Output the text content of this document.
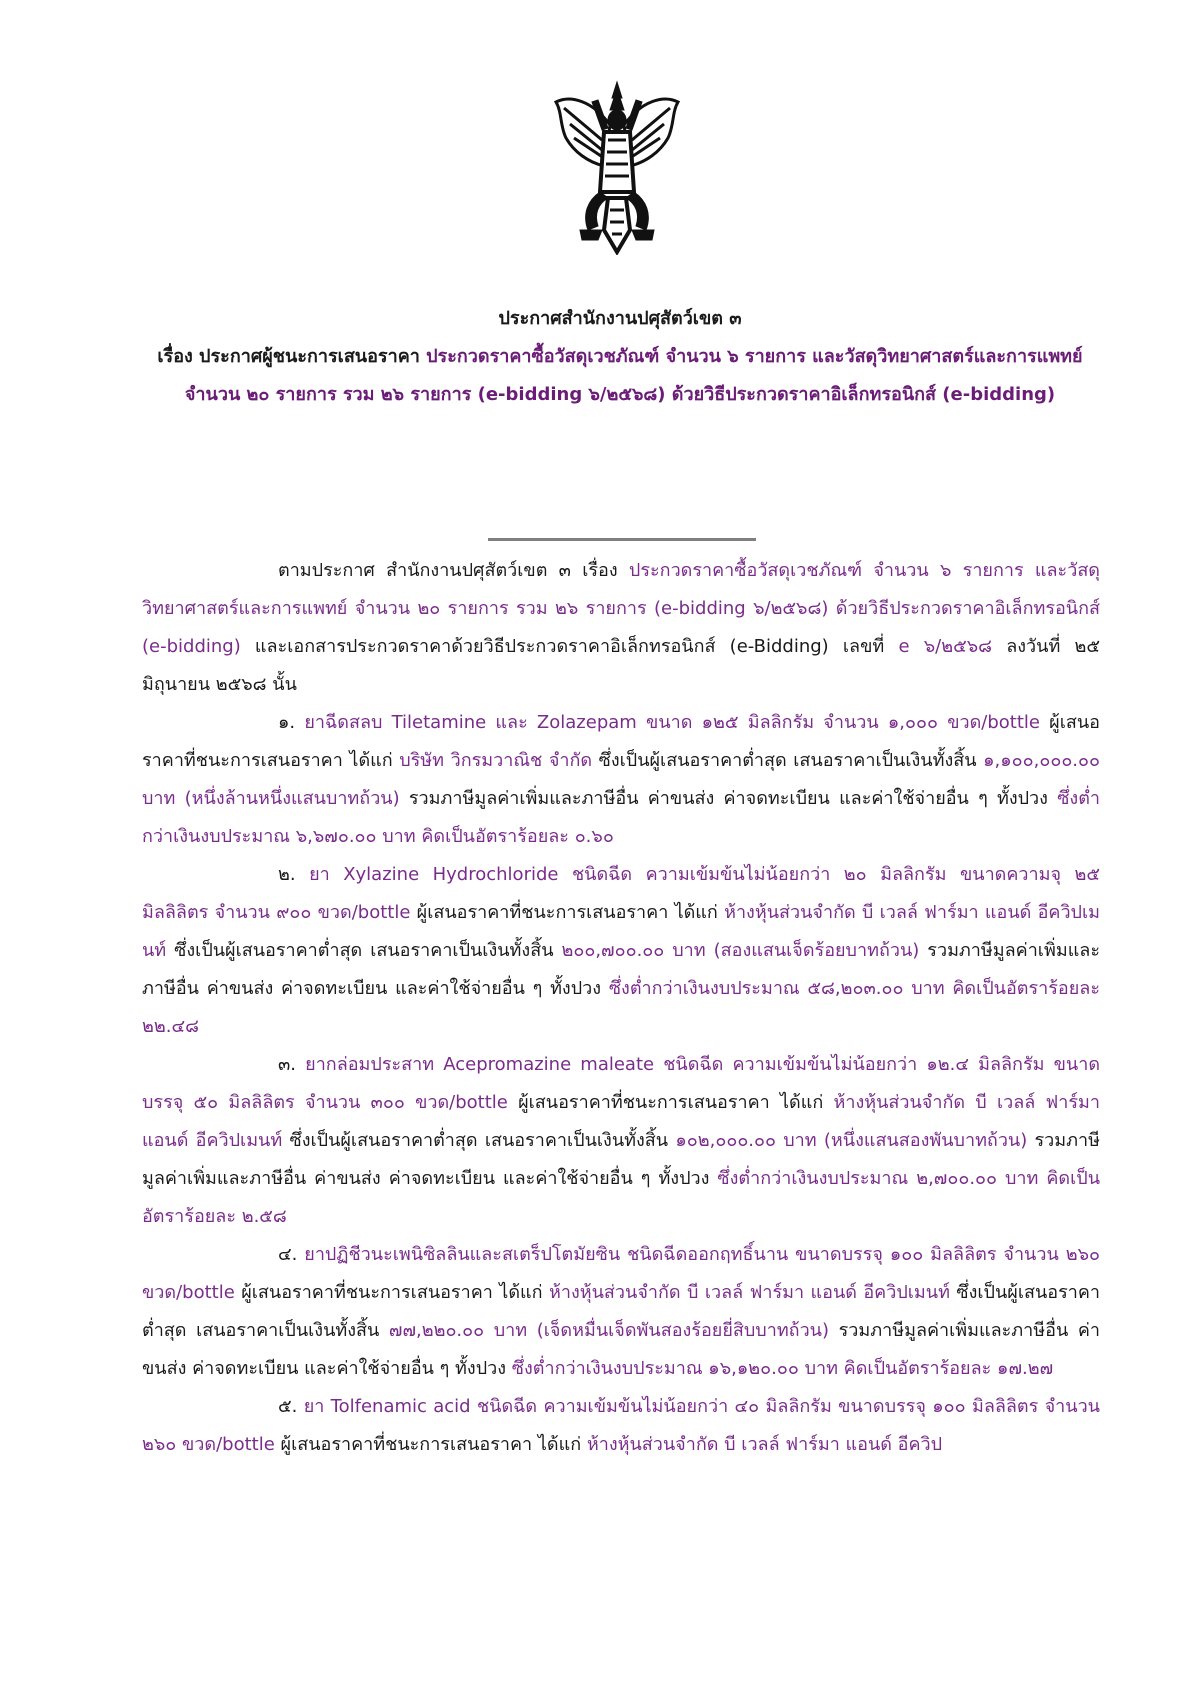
ประกาศสำนักงานปศุสัตว์เขต ๓
เรื่อง ประกาศผู้ชนะการเสนอราคา ประกวดราคาซื้อวัสดุเวชภัณฑ์ จำนวน ๖ รายการ และวัสดุวิทยาศาสตร์และการแพทย์ จำนวน ๒๐ รายการ รวม ๒๖ รายการ (e-bidding ๖/๒๕๖๘) ด้วยวิธีประกวดราคาอิเล็กทรอนิกส์ (e-bidding)

ตามประกาศ สำนักงานปศุสัตว์เขต ๓ เรื่อง ประกวดราคาซื้อวัสดุเวชภัณฑ์ จำนวน ๖ รายการ และวัสดุวิทยาศาสตร์และการแพทย์ จำนวน ๒๐ รายการ รวม ๒๖ รายการ (e-bidding ๖/๒๕๖๘) ด้วยวิธีประกวดราคาอิเล็กทรอนิกส์ (e-bidding) และเอกสารประกวดราคาด้วยวิธีประกวดราคาอิเล็กทรอนิกส์ (e-Bidding) เลขที่ e ๖/๒๕๖๘ ลงวันที่ ๒๕ มิถุนายน ๒๕๖๘ นั้น

๑. ยาฉีดสลบ Tiletamine และ Zolazepam ขนาด ๑๒๕ มิลลิกรัม จำนวน ๑,๐๐๐ ขวด/bottle ผู้เสนอราคาที่ชนะการเสนอราคา ได้แก่ บริษัท วิกรมวาณิช จำกัด ซึ่งเป็นผู้เสนอราคาต่ำสุด เสนอราคาเป็นเงินทั้งสิ้น ๑,๑๐๐,๐๐๐.๐๐ บาท (หนึ่งล้านหนึ่งแสนบาทถ้วน) รวมภาษีมูลค่าเพิ่มและภาษีอื่น ค่าขนส่ง ค่าจดทะเบียน และค่าใช้จ่ายอื่น ๆ ทั้งปวง ซึ่งต่ำกว่าเงินงบประมาณ ๖,๖๗๐.๐๐ บาท คิดเป็นอัตราร้อยละ ๐.๖๐

๒. ยา Xylazine Hydrochloride ชนิดฉีด ความเข้มข้นไม่น้อยกว่า ๒๐ มิลลิกรัม ขนาดความจุ ๒๕ มิลลิลิตร จำนวน ๙๐๐ ขวด/bottle ผู้เสนอราคาที่ชนะการเสนอราคา ได้แก่ ห้างหุ้นส่วนจำกัด บี เวลล์ ฟาร์มา แอนด์ อีควิปเมนท์ ซึ่งเป็นผู้เสนอราคาต่ำสุด เสนอราคาเป็นเงินทั้งสิ้น ๒๐๐,๗๐๐.๐๐ บาท (สองแสนเจ็ดร้อยบาทถ้วน) รวมภาษีมูลค่าเพิ่มและภาษีอื่น ค่าขนส่ง ค่าจดทะเบียน และค่าใช้จ่ายอื่น ๆ ทั้งปวง ซึ่งต่ำกว่าเงินงบประมาณ ๕๘,๒๐๓.๐๐ บาท คิดเป็นอัตราร้อยละ ๒๒.๔๘

๓. ยากล่อมประสาท Acepromazine maleate ชนิดฉีด ความเข้มข้นไม่น้อยกว่า ๑๒.๔ มิลลิกรัม ขนาดบรรจุ ๕๐ มิลลิลิตร จำนวน ๓๐๐ ขวด/bottle ผู้เสนอราคาที่ชนะการเสนอราคา ได้แก่ ห้างหุ้นส่วนจำกัด บี เวลล์ ฟาร์มา แอนด์ อีควิปเมนท์ ซึ่งเป็นผู้เสนอราคาต่ำสุด เสนอราคาเป็นเงินทั้งสิ้น ๑๐๒,๐๐๐.๐๐ บาท (หนึ่งแสนสองพันบาทถ้วน) รวมภาษีมูลค่าเพิ่มและภาษีอื่น ค่าขนส่ง ค่าจดทะเบียน และค่าใช้จ่ายอื่น ๆ ทั้งปวง ซึ่งต่ำกว่าเงินงบประมาณ ๒,๗๐๐.๐๐ บาท คิดเป็นอัตราร้อยละ ๒.๕๘

๔. ยาปฏิชีวนะเพนิซิลลินและสเตร็ปโตมัยซิน ชนิดฉีดออกฤทธิ์นาน ขนาดบรรจุ ๑๐๐ มิลลิลิตร จำนวน ๒๖๐ ขวด/bottle ผู้เสนอราคาที่ชนะการเสนอราคา ได้แก่ ห้างหุ้นส่วนจำกัด บี เวลล์ ฟาร์มา แอนด์ อีควิปเมนท์ ซึ่งเป็นผู้เสนอราคาต่ำสุด เสนอราคาเป็นเงินทั้งสิ้น ๗๗,๒๒๐.๐๐ บาท (เจ็ดหมื่นเจ็ดพันสองร้อยยี่สิบบาทถ้วน) รวมภาษีมูลค่าเพิ่มและภาษีอื่น ค่าขนส่ง ค่าจดทะเบียน และค่าใช้จ่ายอื่น ๆ ทั้งปวง ซึ่งต่ำกว่าเงินงบประมาณ ๑๖,๑๒๐.๐๐ บาท คิดเป็นอัตราร้อยละ ๑๗.๒๗

๕. ยา Tolfenamic acid ชนิดฉีด ความเข้มข้นไม่น้อยกว่า ๔๐ มิลลิกรัม ขนาดบรรจุ ๑๐๐ มิลลิลิตร จำนวน ๒๖๐ ขวด/bottle ผู้เสนอราคาที่ชนะการเสนอราคา ได้แก่ ห้างหุ้นส่วนจำกัด บี เวลล์ ฟาร์มา แอนด์ อีควิป
